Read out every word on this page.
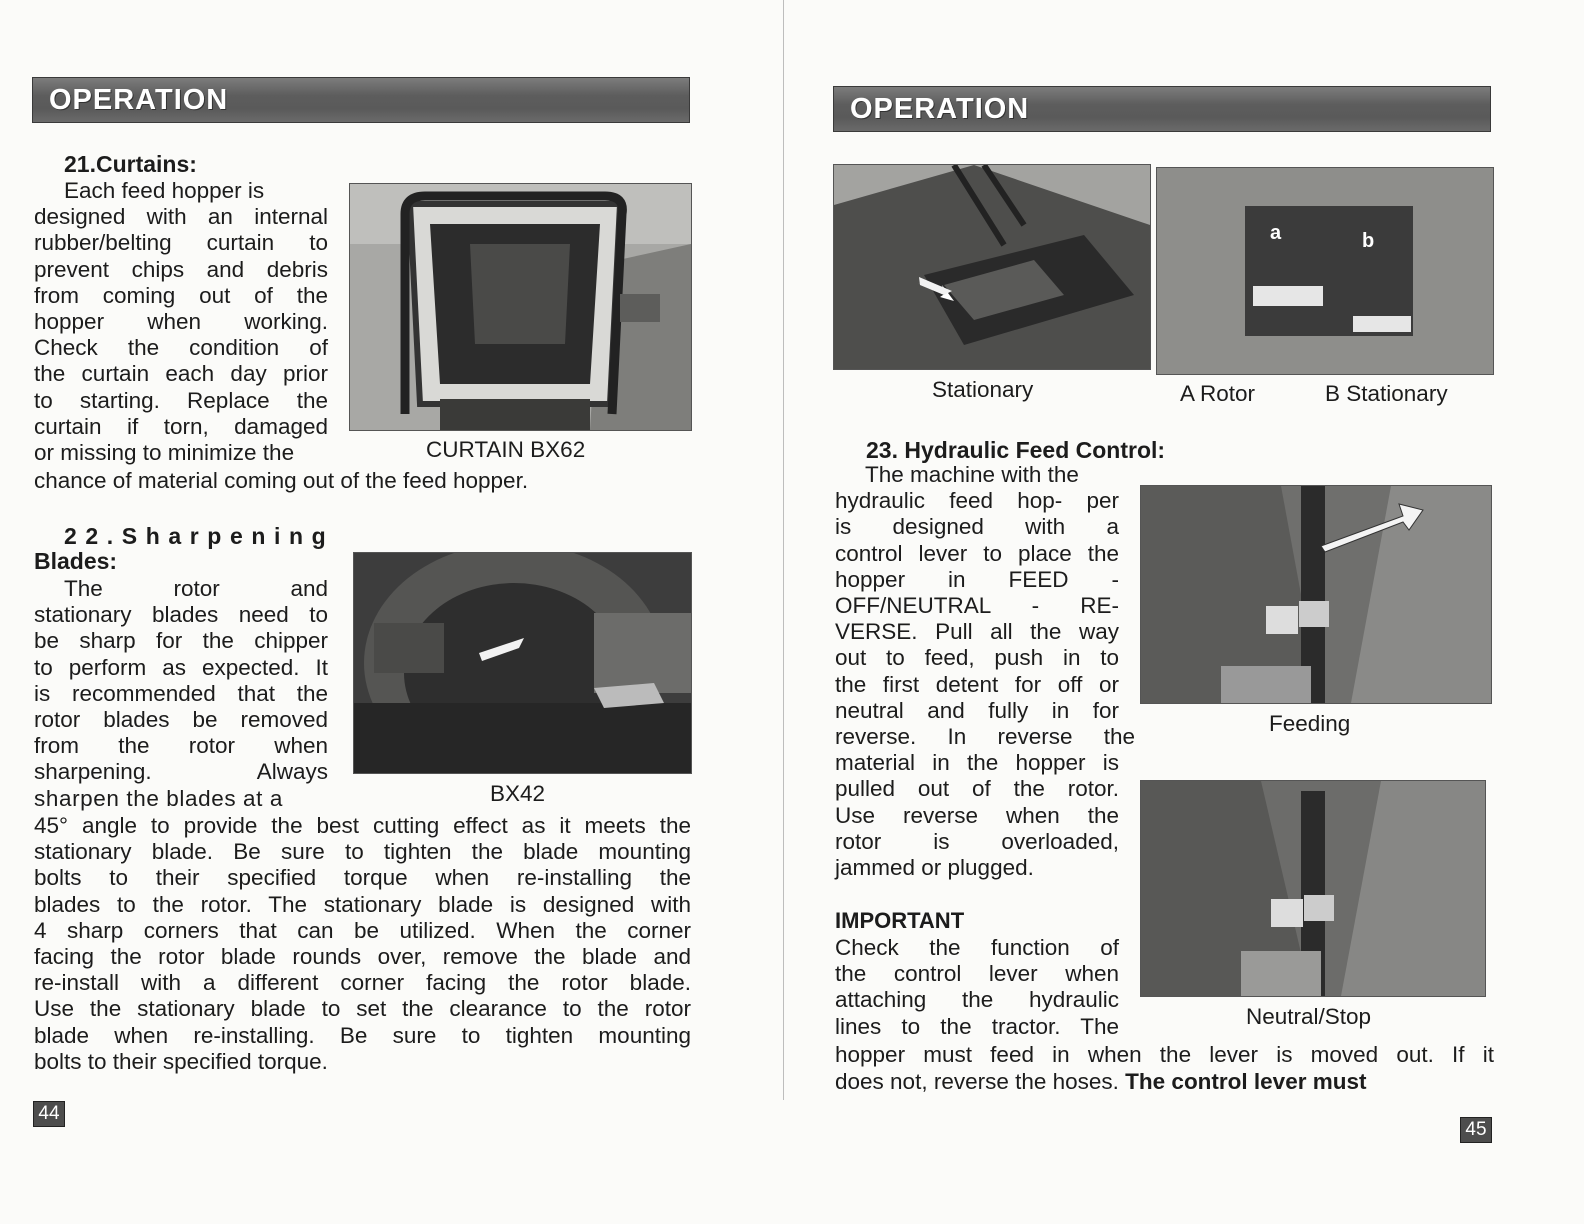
OPERATION
21.Curtains:
Each feed hopper is
designed with an internal
rubber/belting curtain to
prevent chips and debris
from coming out of the
hopper when working.
Check the condition of
the curtain each day prior
to starting. Replace the
curtain if torn, damaged
or missing to minimize the
chance of material coming out of the feed hopper.
CURTAIN BX62
22.Sharpening
Blades:
The rotor and
stationary blades need to
be sharp for the chipper
to perform as expected. It
is recommended that the
rotor blades be removed
from the rotor when
sharpening. Always
sharpen the blades at a	BX42
45° angle to provide the best cutting effect as it meets the
stationary blade. Be sure to tighten the blade mounting
bolts to their specified torque when re-installing the
blades to the rotor. The stationary blade is designed with
4 sharp corners that can be utilized. When the corner
facing the rotor blade rounds over, remove the blade and
re-install with a different corner facing the rotor blade.
Use the stationary blade to set the clearance to the rotor
blade when re-installing. Be sure to tighten mounting
bolts to their specified torque.
44
OPERATION
a	b
Stationary	A Rotor	B Stationary
23. Hydraulic Feed Control:
The machine with the
hydraulic feed hop- per
is designed with a
control lever to place the
hopper in FEED -
OFF/NEUTRAL - RE-
VERSE. Pull all the way
out to feed, push in to
the first detent for off or
neutral and fully in for
reverse. In reverse the
material in the hopper is
pulled out of the rotor.
Use reverse when the
rotor is overloaded,
jammed or plugged.
Feeding
Neutral/Stop
IMPORTANT
Check the function of
the control lever when
attaching the hydraulic
lines to the tractor. The
hopper must feed in when the lever is moved out. If it
does not, reverse the hoses. The control lever must
45
